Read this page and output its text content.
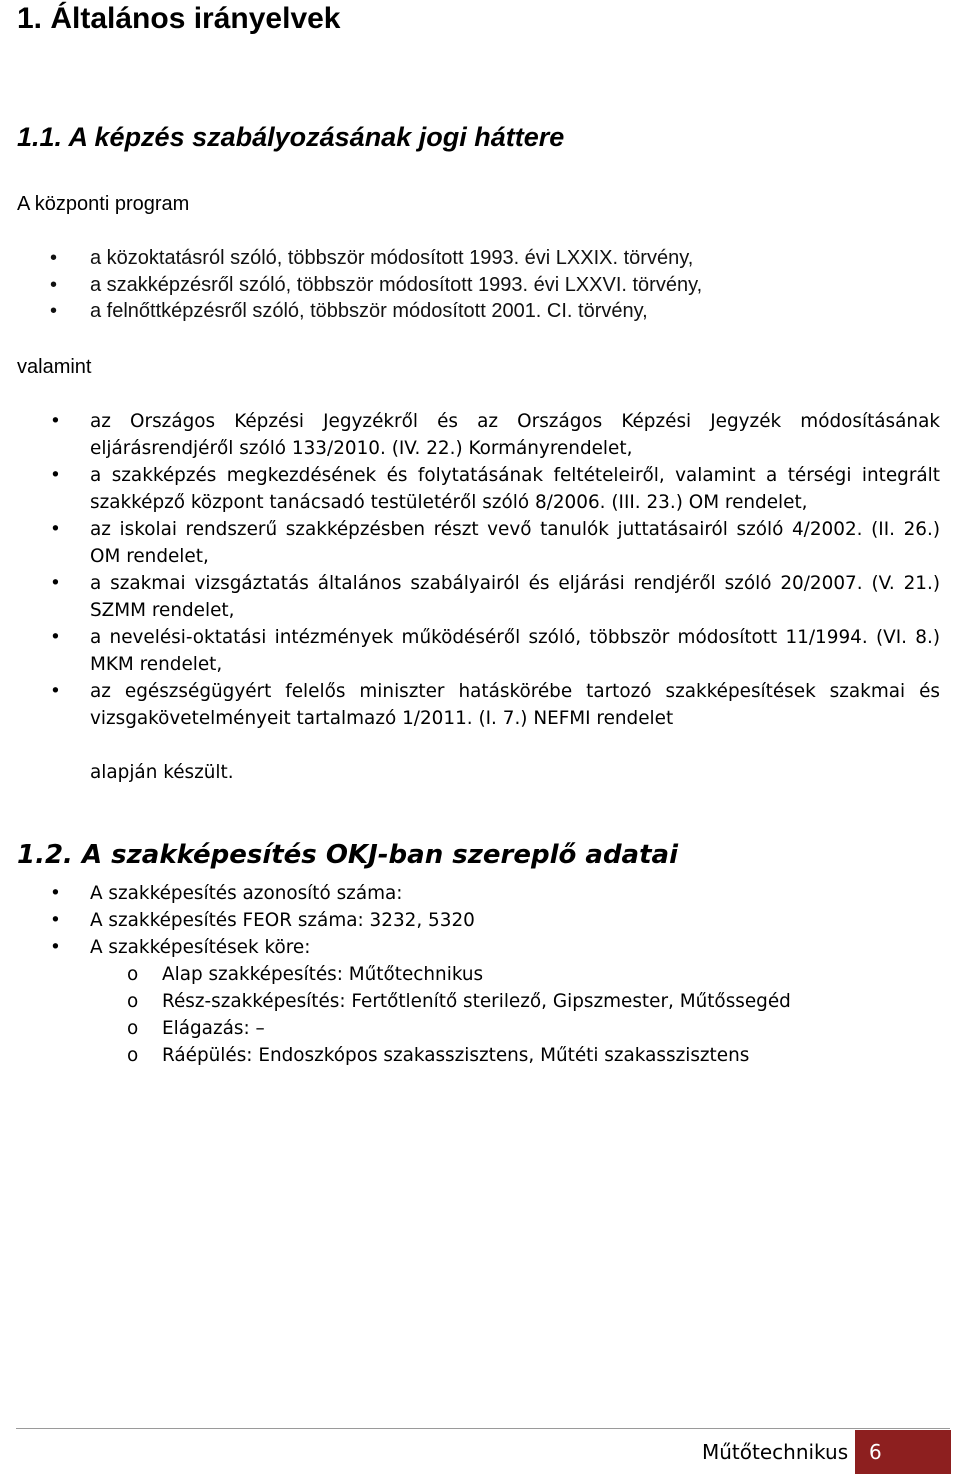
1. Általános irányelvek
1.1. A képzés szabályozásának jogi háttere

A központi program

• a közoktatásról szóló, többször módosított 1993. évi LXXIX. törvény,
• a szakképzésről szóló, többször módosított 1993. évi LXXVI. törvény,
• a felnőttképzésről szóló, többször módosított 2001. CI. törvény,

valamint

• az Országos Képzési Jegyzékről és az Országos Képzési Jegyzék módosításának eljárásrendjéről szóló 133/2010. (IV. 22.) Kormányrendelet,
• a szakképzés megkezdésének és folytatásának feltételeiről, valamint a térségi integrált szakképző központ tanácsadó testületéről szóló 8/2006. (III. 23.) OM rendelet,
• az iskolai rendszerű szakképzésben részt vevő tanulók juttatásairól szóló 4/2002. (II. 26.) OM rendelet,
• a szakmai vizsgáztatás általános szabályairól és eljárási rendjéről szóló 20/2007. (V. 21.) SZMM rendelet,
• a nevelési-oktatási intézmények működéséről szóló, többször módosított 11/1994. (VI. 8.) MKM rendelet,
• az egészségügyért felelős miniszter hatáskörébe tartozó szakképesítések szakmai és vizsgakövetelményeit tartalmazó 1/2011. (I. 7.) NEFMI rendelet

alapján készült.

1.2. A szakképesítés OKJ-ban szereplő adatai
• A szakképesítés azonosító száma:
• A szakképesítés FEOR száma: 3232, 5320
• A szakképesítések köre:
o Alap szakképesítés: Műtőtechnikus
o Rész-szakképesítés: Fertőtlenítő sterilező, Gipszmester, Műtőssegéd
o Elágazás: –
o Ráépülés: Endoszkópos szakasszisztens, Műtéti szakasszisztens
Műtőtechnikus	6
